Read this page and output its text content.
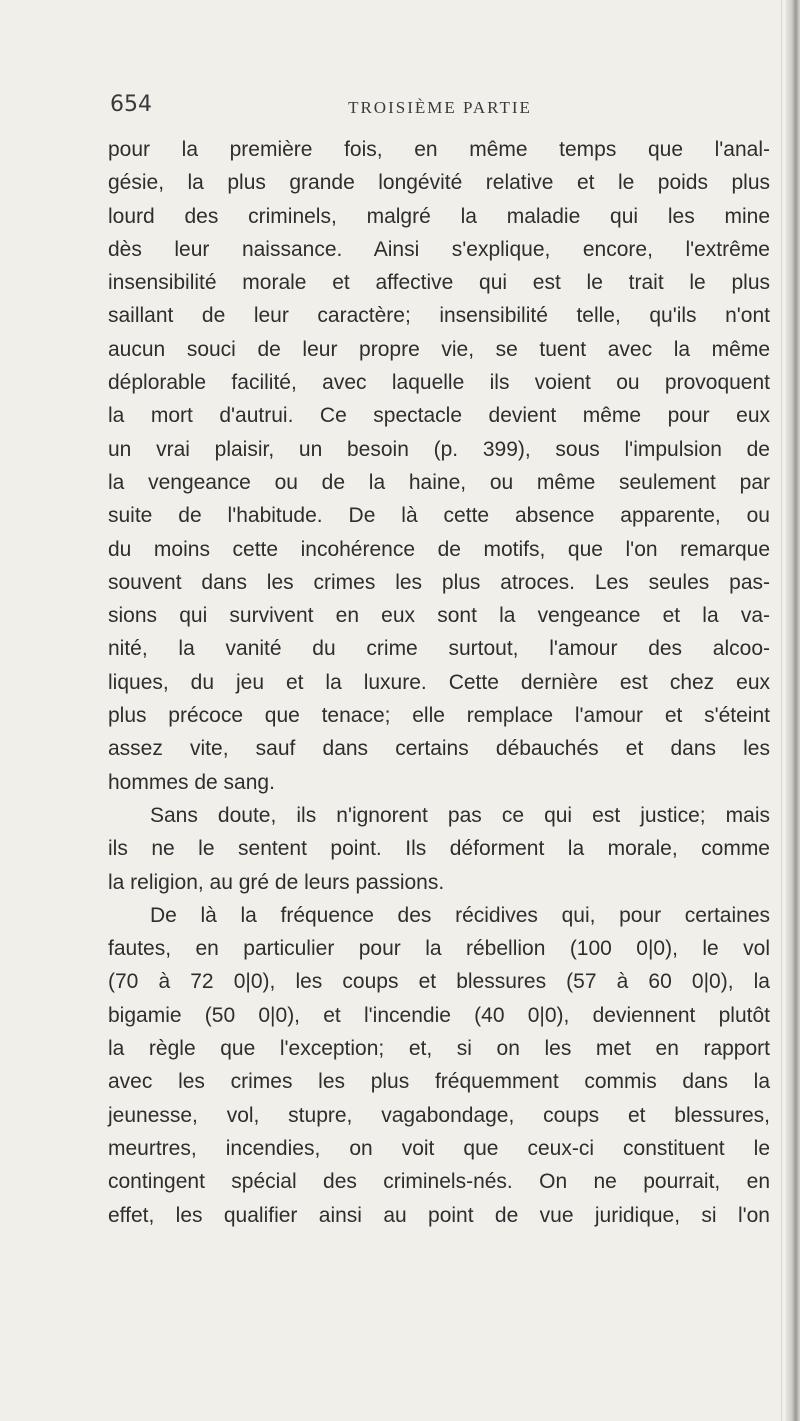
654	TROISIÈME PARTIE
pour la première fois, en même temps que l'anal-
gésie, la plus grande longévité relative et le poids plus
lourd des criminels, malgré la maladie qui les mine
dès leur naissance. Ainsi s'explique, encore, l'extrême
insensibilité morale et affective qui est le trait le plus
saillant de leur caractère; insensibilité telle, qu'ils n'ont
aucun souci de leur propre vie, se tuent avec la même
déplorable facilité, avec laquelle ils voient ou provoquent
la mort d'autrui. Ce spectacle devient même pour eux
un vrai plaisir, un besoin (p. 399), sous l'impulsion de
la vengeance ou de la haine, ou même seulement par
suite de l'habitude. De là cette absence apparente, ou
du moins cette incohérence de motifs, que l'on remarque
souvent dans les crimes les plus atroces. Les seules pas-
sions qui survivent en eux sont la vengeance et la va-
nité, la vanité du crime surtout, l'amour des alcoo-
liques, du jeu et la luxure. Cette dernière est chez eux
plus précoce que tenace; elle remplace l'amour et s'éteint
assez vite, sauf dans certains débauchés et dans les
hommes de sang.
Sans doute, ils n'ignorent pas ce qui est justice; mais
ils ne le sentent point. Ils déforment la morale, comme
la religion, au gré de leurs passions.
De là la fréquence des récidives qui, pour certaines
fautes, en particulier pour la rébellion (100 0|0), le vol
(70 à 72 0|0), les coups et blessures (57 à 60 0|0), la
bigamie (50 0|0), et l'incendie (40 0|0), deviennent plutôt
la règle que l'exception; et, si on les met en rapport
avec les crimes les plus fréquemment commis dans la
jeunesse, vol, stupre, vagabondage, coups et blessures,
meurtres, incendies, on voit que ceux-ci constituent le
contingent spécial des criminels-nés. On ne pourrait, en
effet, les qualifier ainsi au point de vue juridique, si l'on
